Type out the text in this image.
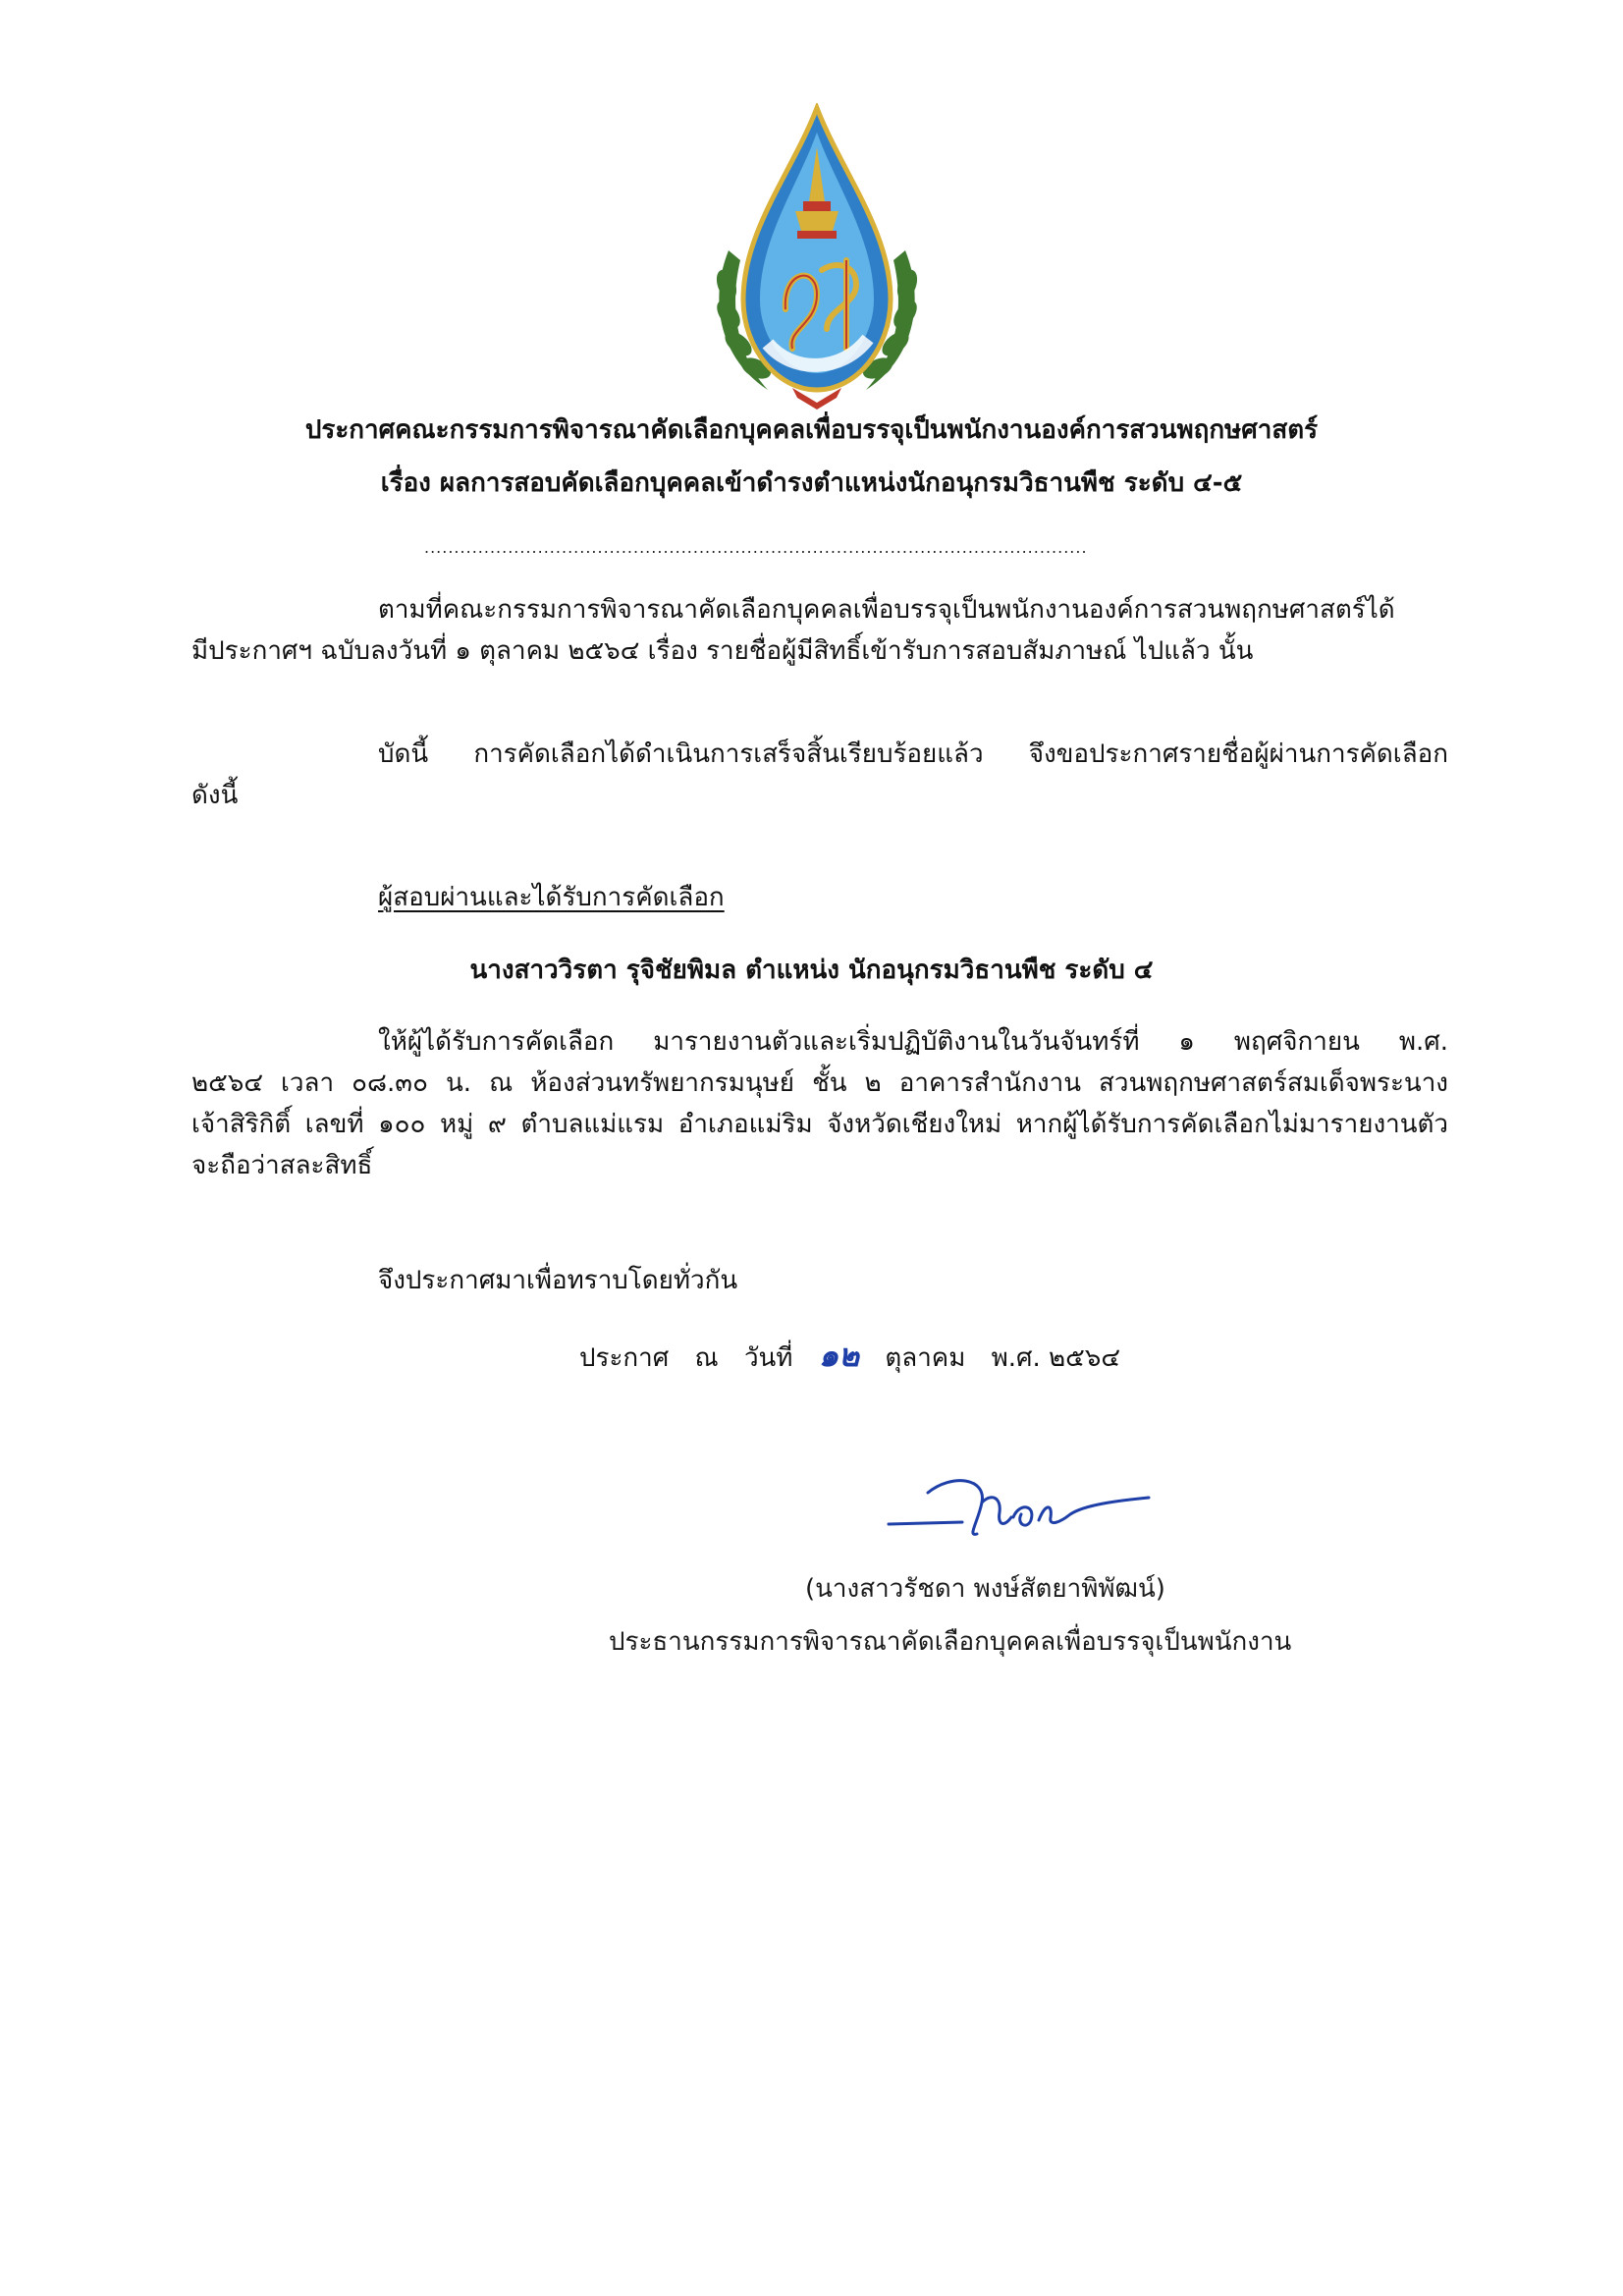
ประกาศคณะกรรมการพิจารณาคัดเลือกบุคคลเพื่อบรรจุเป็นพนักงานองค์การสวนพฤกษศาสตร์
เรื่อง ผลการสอบคัดเลือกบุคคลเข้าดำรงตำแหน่งนักอนุกรมวิธานพืช ระดับ ๔-๕
...............................................................................................................
ตามที่คณะกรรมการพิจารณาคัดเลือกบุคคลเพื่อบรรจุเป็นพนักงานองค์การสวนพฤกษศาสตร์ได้
มีประกาศฯ ฉบับลงวันที่ ๑ ตุลาคม ๒๕๖๔ เรื่อง รายชื่อผู้มีสิทธิ์เข้ารับการสอบสัมภาษณ์ ไปแล้ว นั้น
บัดนี้ การคัดเลือกได้ดำเนินการเสร็จสิ้นเรียบร้อยแล้ว จึงขอประกาศรายชื่อผู้ผ่านการคัดเลือก
ดังนี้
ผู้สอบผ่านและได้รับการคัดเลือก
นางสาววิรตา รุจิชัยพิมล ตำแหน่ง นักอนุกรมวิธานพืช ระดับ ๔
ให้ผู้ได้รับการคัดเลือก มารายงานตัวและเริ่มปฏิบัติงานในวันจันทร์ที่ ๑ พฤศจิกายน พ.ศ.
๒๕๖๔ เวลา ๐๘.๓๐ น. ณ ห้องส่วนทรัพยากรมนุษย์ ชั้น ๒ อาคารสำนักงาน สวนพฤกษศาสตร์สมเด็จพระนาง
เจ้าสิริกิติ์ เลขที่ ๑๐๐ หมู่ ๙ ตำบลแม่แรม อำเภอแม่ริม จังหวัดเชียงใหม่ หากผู้ได้รับการคัดเลือกไม่มารายงานตัว
จะถือว่าสละสิทธิ์
จึงประกาศมาเพื่อทราบโดยทั่วกัน
ประกาศ ณ วันที่ ๑๒ ตุลาคม พ.ศ. ๒๕๖๔
(นางสาวรัชดา พงษ์สัตยาพิพัฒน์)
ประธานกรรมการพิจารณาคัดเลือกบุคคลเพื่อบรรจุเป็นพนักงาน
